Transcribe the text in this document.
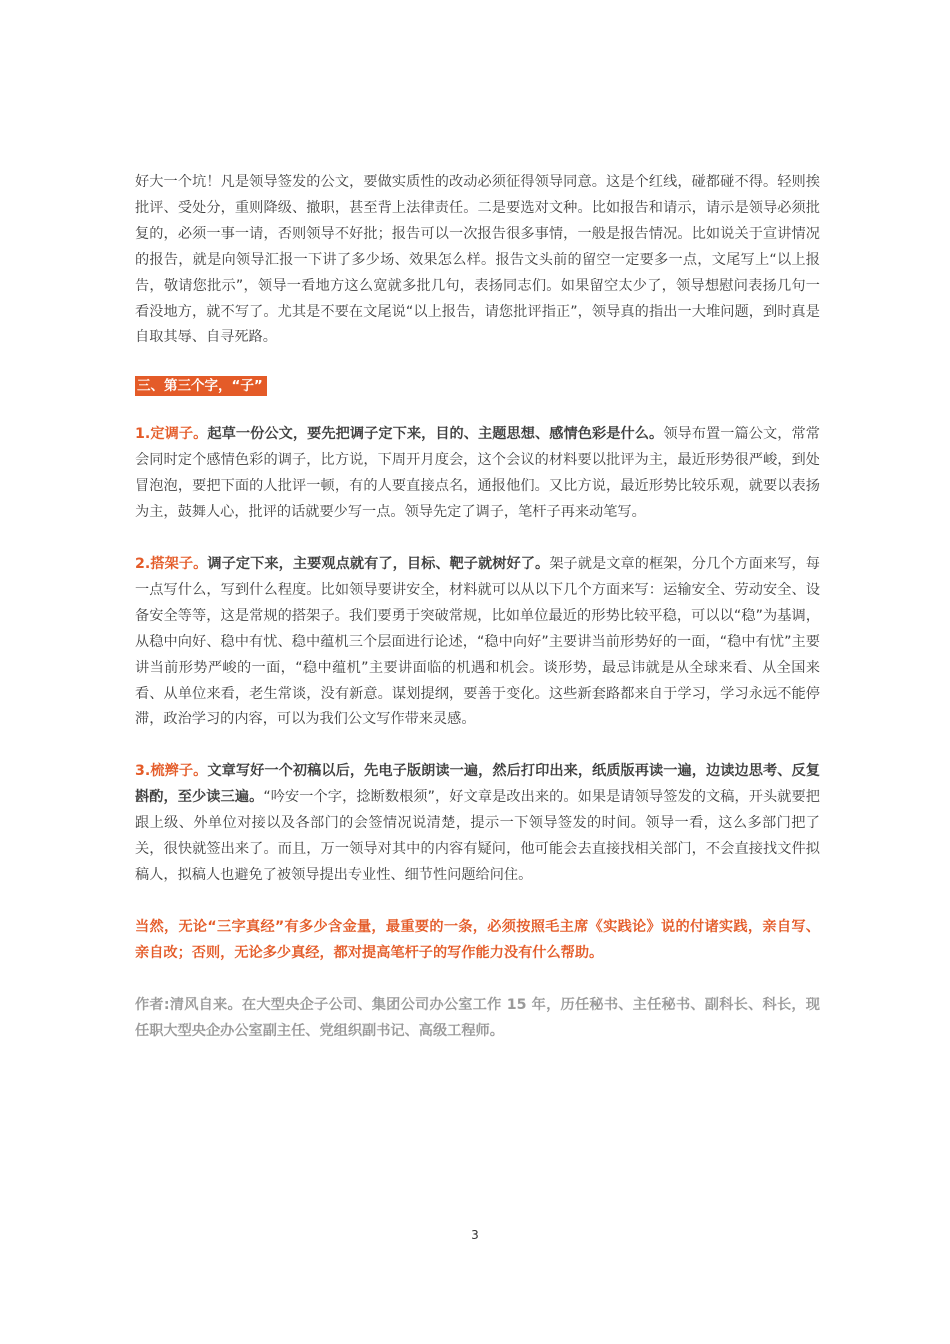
好大一个坑！凡是领导签发的公文，要做实质性的改动必须征得领导同意。这是个红线，碰都碰不得。轻则挨批评、受处分，重则降级、撤职，甚至背上法律责任。二是要选对文种。比如报告和请示，请示是领导必须批复的，必须一事一请，否则领导不好批；报告可以一次报告很多事情，一般是报告情况。比如说关于宣讲情况的报告，就是向领导汇报一下讲了多少场、效果怎么样。报告文头前的留空一定要多一点，文尾写上“以上报告，敬请您批示”，领导一看地方这么宽就多批几句，表扬同志们。如果留空太少了，领导想慰问表扬几句一看没地方，就不写了。尤其是不要在文尾说“以上报告，请您批评指正”，领导真的指出一大堆问题，到时真是自取其辱、自寻死路。

三、第三个字，“子”

1.定调子。起草一份公文，要先把调子定下来，目的、主题思想、感情色彩是什么。领导布置一篇公文，常常会同时定个感情色彩的调子，比方说，下周开月度会，这个会议的材料要以批评为主，最近形势很严峻，到处冒泡泡，要把下面的人批评一顿，有的人要直接点名，通报他们。又比方说，最近形势比较乐观，就要以表扬为主，鼓舞人心，批评的话就要少写一点。领导先定了调子，笔杆子再来动笔写。

2.搭架子。调子定下来，主要观点就有了，目标、靶子就树好了。架子就是文章的框架，分几个方面来写，每一点写什么，写到什么程度。比如领导要讲安全，材料就可以从以下几个方面来写：运输安全、劳动安全、设备安全等等，这是常规的搭架子。我们要勇于突破常规，比如单位最近的形势比较平稳，可以以“稳”为基调，从稳中向好、稳中有忧、稳中蕴机三个层面进行论述，“稳中向好”主要讲当前形势好的一面，“稳中有忧”主要讲当前形势严峻的一面，“稳中蕴机”主要讲面临的机遇和机会。谈形势，最忌讳就是从全球来看、从全国来看、从单位来看，老生常谈，没有新意。谋划提纲，要善于变化。这些新套路都来自于学习，学习永远不能停滞，政治学习的内容，可以为我们公文写作带来灵感。

3.梳辫子。文章写好一个初稿以后，先电子版朗读一遍，然后打印出来，纸质版再读一遍，边读边思考、反复斟酌，至少读三遍。“吟安一个字，捻断数根须”，好文章是改出来的。如果是请领导签发的文稿，开头就要把跟上级、外单位对接以及各部门的会签情况说清楚，提示一下领导签发的时间。领导一看，这么多部门把了关，很快就签出来了。而且，万一领导对其中的内容有疑问，他可能会去直接找相关部门，不会直接找文件拟稿人，拟稿人也避免了被领导提出专业性、细节性问题给问住。

当然，无论“三字真经”有多少含金量，最重要的一条，必须按照毛主席《实践论》说的付诸实践，亲自写、亲自改；否则，无论多少真经，都对提高笔杆子的写作能力没有什么帮助。

作者:清风自来。在大型央企子公司、集团公司办公室工作 15 年，历任秘书、主任秘书、副科长、科长，现任职大型央企办公室副主任、党组织副书记、高级工程师。

3
